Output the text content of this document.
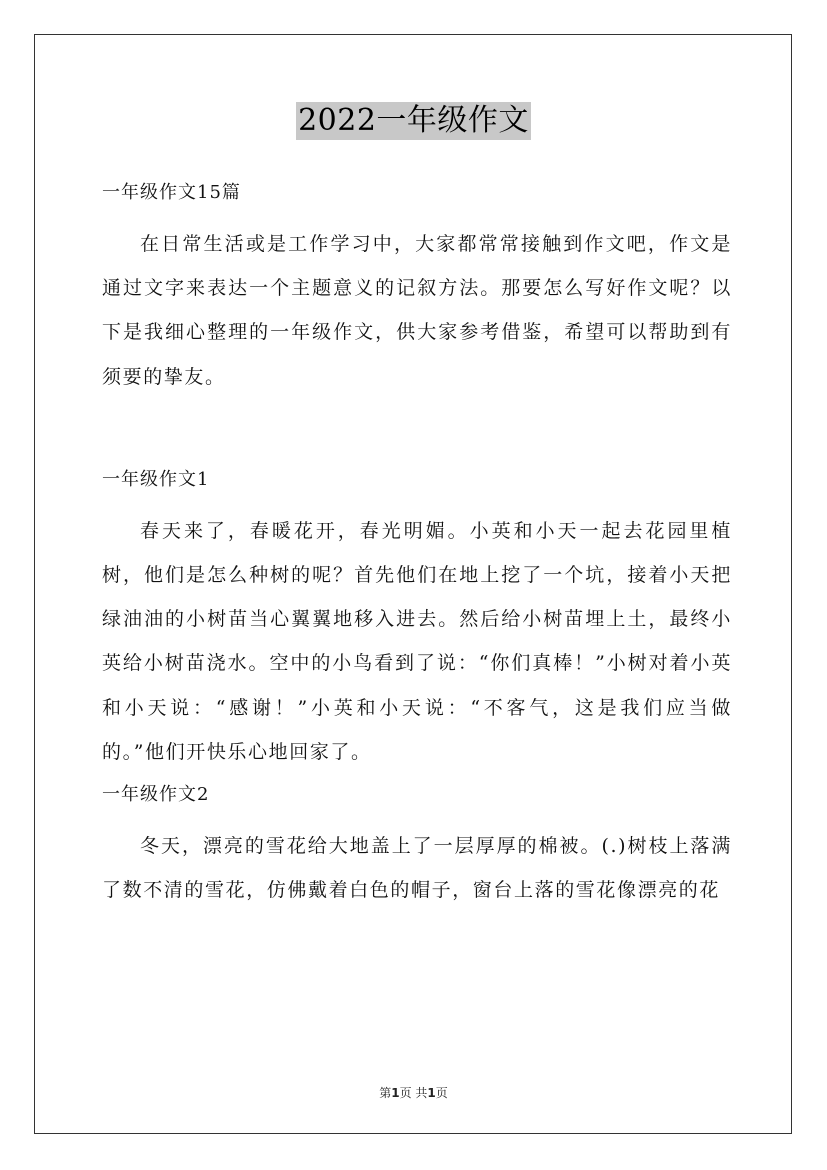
2022一年级作文
一年级作文15篇
在日常生活或是工作学习中，大家都常常接触到作文吧，作文是通过文字来表达一个主题意义的记叙方法。那要怎么写好作文呢？以下是我细心整理的一年级作文，供大家参考借鉴，希望可以帮助到有须要的挚友。
一年级作文1
春天来了，春暖花开，春光明媚。小英和小天一起去花园里植树，他们是怎么种树的呢？首先他们在地上挖了一个坑，接着小天把绿油油的小树苗当心翼翼地移入进去。然后给小树苗埋上土，最终小英给小树苗浇水。空中的小鸟看到了说：“你们真棒！”小树对着小英和小天说：“感谢！”小英和小天说：“不客气，这是我们应当做的。”他们开快乐心地回家了。
一年级作文2
冬天，漂亮的雪花给大地盖上了一层厚厚的棉被。(.)树枝上落满了数不清的雪花，仿佛戴着白色的帽子，窗台上落的雪花像漂亮的花
第1页 共1页
